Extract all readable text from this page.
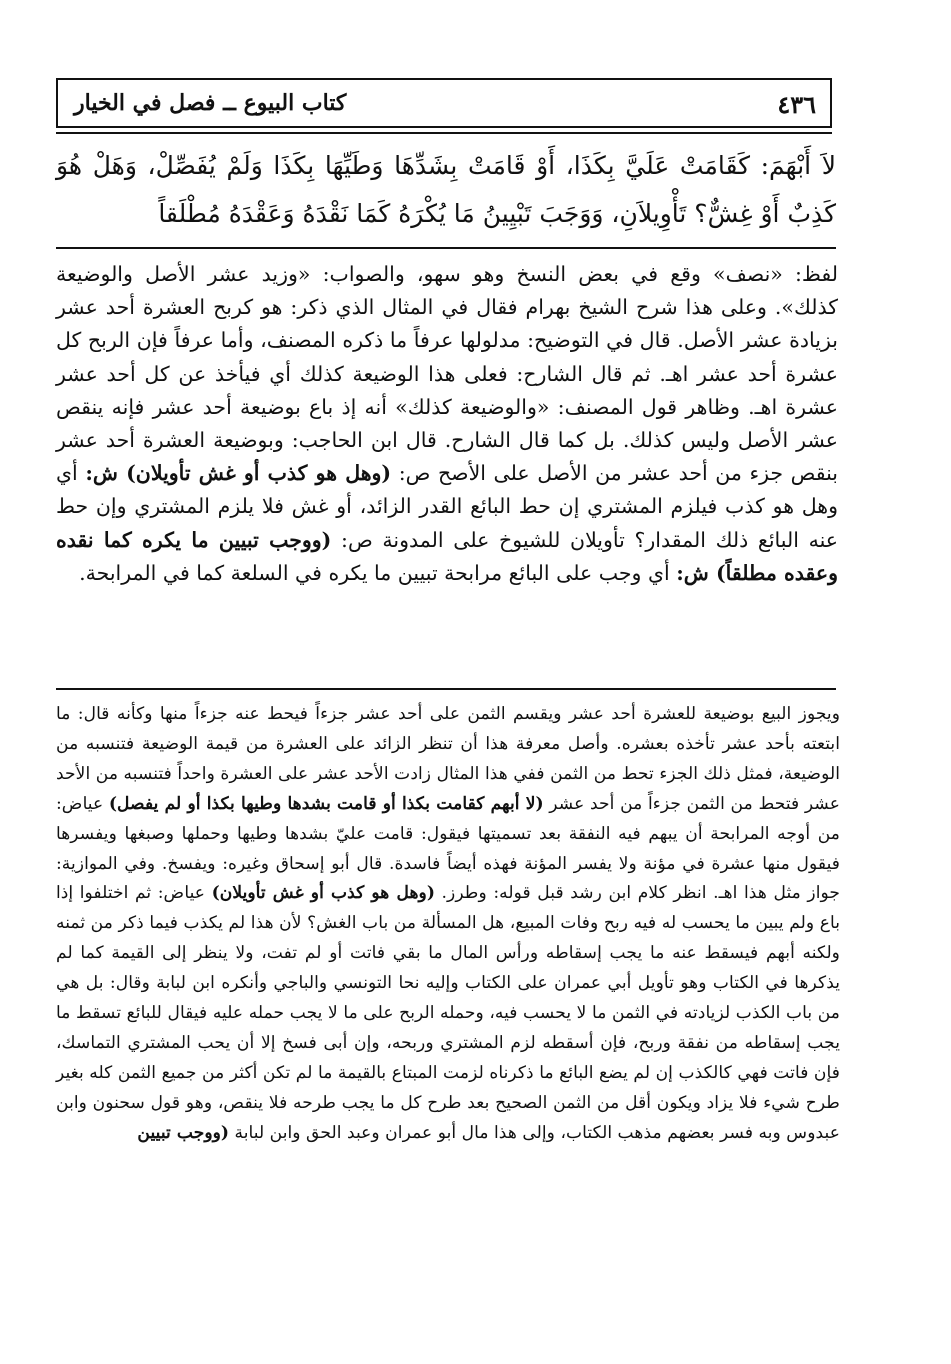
٤٣٦
كتاب البيوع ــ فصل في الخيار

لاَ أَبْهَمَ: كَقَامَتْ عَلَيَّ بِكَذَا، أَوْ قَامَتْ بِشَدِّهَا وَطَيِّهَا بِكَذَا وَلَمْ يُفَصِّلْ، وَهَلْ هُوَ كَذِبٌ أَوْ غِشٌّ؟ تَأْوِيلاَنِ، وَوَجَبَ تَبْيِينُ مَا يُكْرَهُ كَمَا نَقْدَهُ وَعَقْدَهُ مُطْلَقاً

لفظ: «نصف» وقع في بعض النسخ وهو سهو، والصواب: «وزيد عشر الأصل والوضيعة كذلك». وعلى هذا شرح الشيخ بهرام فقال في المثال الذي ذكر: هو كربح العشرة أحد عشر بزيادة عشر الأصل. قال في التوضيح: مدلولها عرفاً ما ذكره المصنف، وأما عرفاً فإن الربح كل عشرة أحد عشر اهـ. ثم قال الشارح: فعلى هذا الوضيعة كذلك أي فيأخذ عن كل أحد عشر عشرة اهـ. وظاهر قول المصنف: «والوضيعة كذلك» أنه إذ باع بوضيعة أحد عشر فإنه ينقص عشر الأصل وليس كذلك. بل كما قال الشارح. قال ابن الحاجب: وبوضيعة العشرة أحد عشر بنقص جزء من أحد عشر من الأصل على الأصح ص: (وهل هو كذب أو غش تأويلان) ش: أي وهل هو كذب فيلزم المشتري إن حط البائع القدر الزائد، أو غش فلا يلزم المشتري وإن حط عنه البائع ذلك المقدار؟ تأويلان للشيوخ على المدونة ص: (ووجب تبيين ما يكره كما نقده وعقده مطلقاً) ش: أي وجب على البائع مرابحة تبيين ما يكره في السلعة كما في المرابحة.

ويجوز البيع بوضيعة للعشرة أحد عشر ويقسم الثمن على أحد عشر جزءاً فيحط عنه جزءاً منها وكأنه قال: ما ابتعته بأحد عشر تأخذه بعشره. وأصل معرفة هذا أن تنظر الزائد على العشرة من قيمة الوضيعة فتنسبه من الوضيعة، فمثل ذلك الجزء تحط من الثمن ففي هذا المثال زادت الأحد عشر على العشرة واحداً فتنسبه من الأحد عشر فتحط من الثمن جزءاً من أحد عشر (لا أبهم كقامت بكذا أو قامت بشدها وطيها بكذا أو لم يفصل) عياض: من أوجه المرابحة أن يبهم فيه النفقة بعد تسميتها فيقول: قامت عليّ بشدها وطيها وحملها وصبغها ويفسرها فيقول منها عشرة في مؤنة ولا يفسر المؤنة فهذه أيضاً فاسدة. قال أبو إسحاق وغيره: ويفسخ. وفي الموازية: جواز مثل هذا اهـ. انظر كلام ابن رشد قبل قوله: وطرز. (وهل هو كذب أو غش تأويلان) عياض: ثم اختلفوا إذا باع ولم يبين ما يحسب له فيه ربح وفات المبيع، هل المسألة من باب الغش؟ لأن هذا لم يكذب فيما ذكر من ثمنه ولكنه أبهم فيسقط عنه ما يجب إسقاطه ورأس المال ما بقي فاتت أو لم تفت، ولا ينظر إلى القيمة كما لم يذكرها في الكتاب وهو تأويل أبي عمران على الكتاب وإليه نحا التونسي والباجي وأنكره ابن لبابة وقال: بل هي من باب الكذب لزيادته في الثمن ما لا يحسب فيه، وحمله الربح على ما لا يجب حمله عليه فيقال للبائع تسقط ما يجب إسقاطه من نفقة وربح، فإن أسقطه لزم المشتري وربحه، وإن أبى فسخ إلا أن يحب المشتري التماسك، فإن فاتت فهي كالكذب إن لم يضع البائع ما ذكرناه لزمت المبتاع بالقيمة ما لم تكن أكثر من جميع الثمن كله بغير طرح شيء فلا يزاد ويكون أقل من الثمن الصحيح بعد طرح كل ما يجب طرحه فلا ينقص، وهو قول سحنون وابن عبدوس وبه فسر بعضهم مذهب الكتاب، وإلى هذا مال أبو عمران وعبد الحق وابن لبابة (ووجب تبيين
